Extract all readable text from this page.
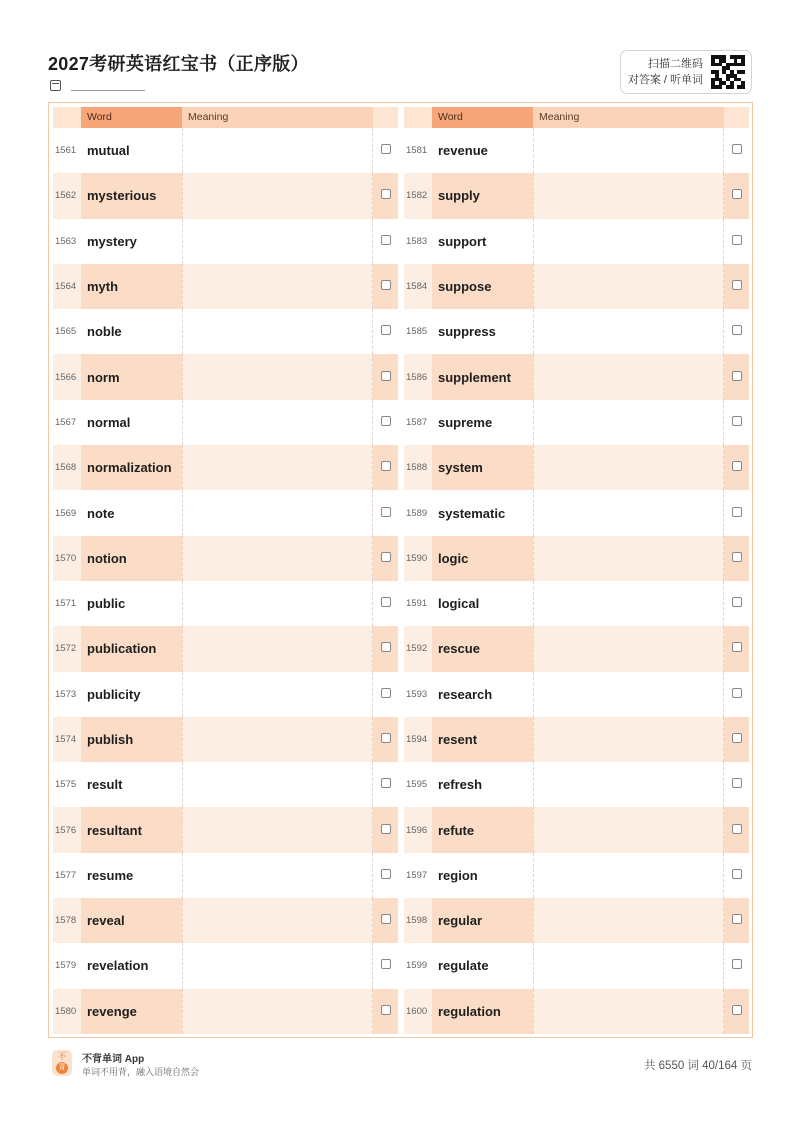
2027考研英语红宝书（正序版）	扫描二维码
对答案 / 听单词
Word	Meaning
1561 mutual
1562 mysterious
1563 mystery
1564 myth
1565 noble
1566 norm
1567 normal
1568 normalization
1569 note
1570 notion
1571 public
1572 publication
1573 publicity
1574 publish
1575 result
1576 resultant
1577 resume
1578 reveal
1579 revelation
1580 revenge
Word	Meaning
1581 revenue
1582 supply
1583 support
1584 suppose
1585 suppress
1586 supplement
1587 supreme
1588 system
1589 systematic
1590 logic
1591 logical
1592 rescue
1593 research
1594 resent
1595 refresh
1596 refute
1597 region
1598 regular
1599 regulate
1600 regulation
不
背
不背单词 App
单词不用背，融入语境自然会	共 6550 词 40/164 页
